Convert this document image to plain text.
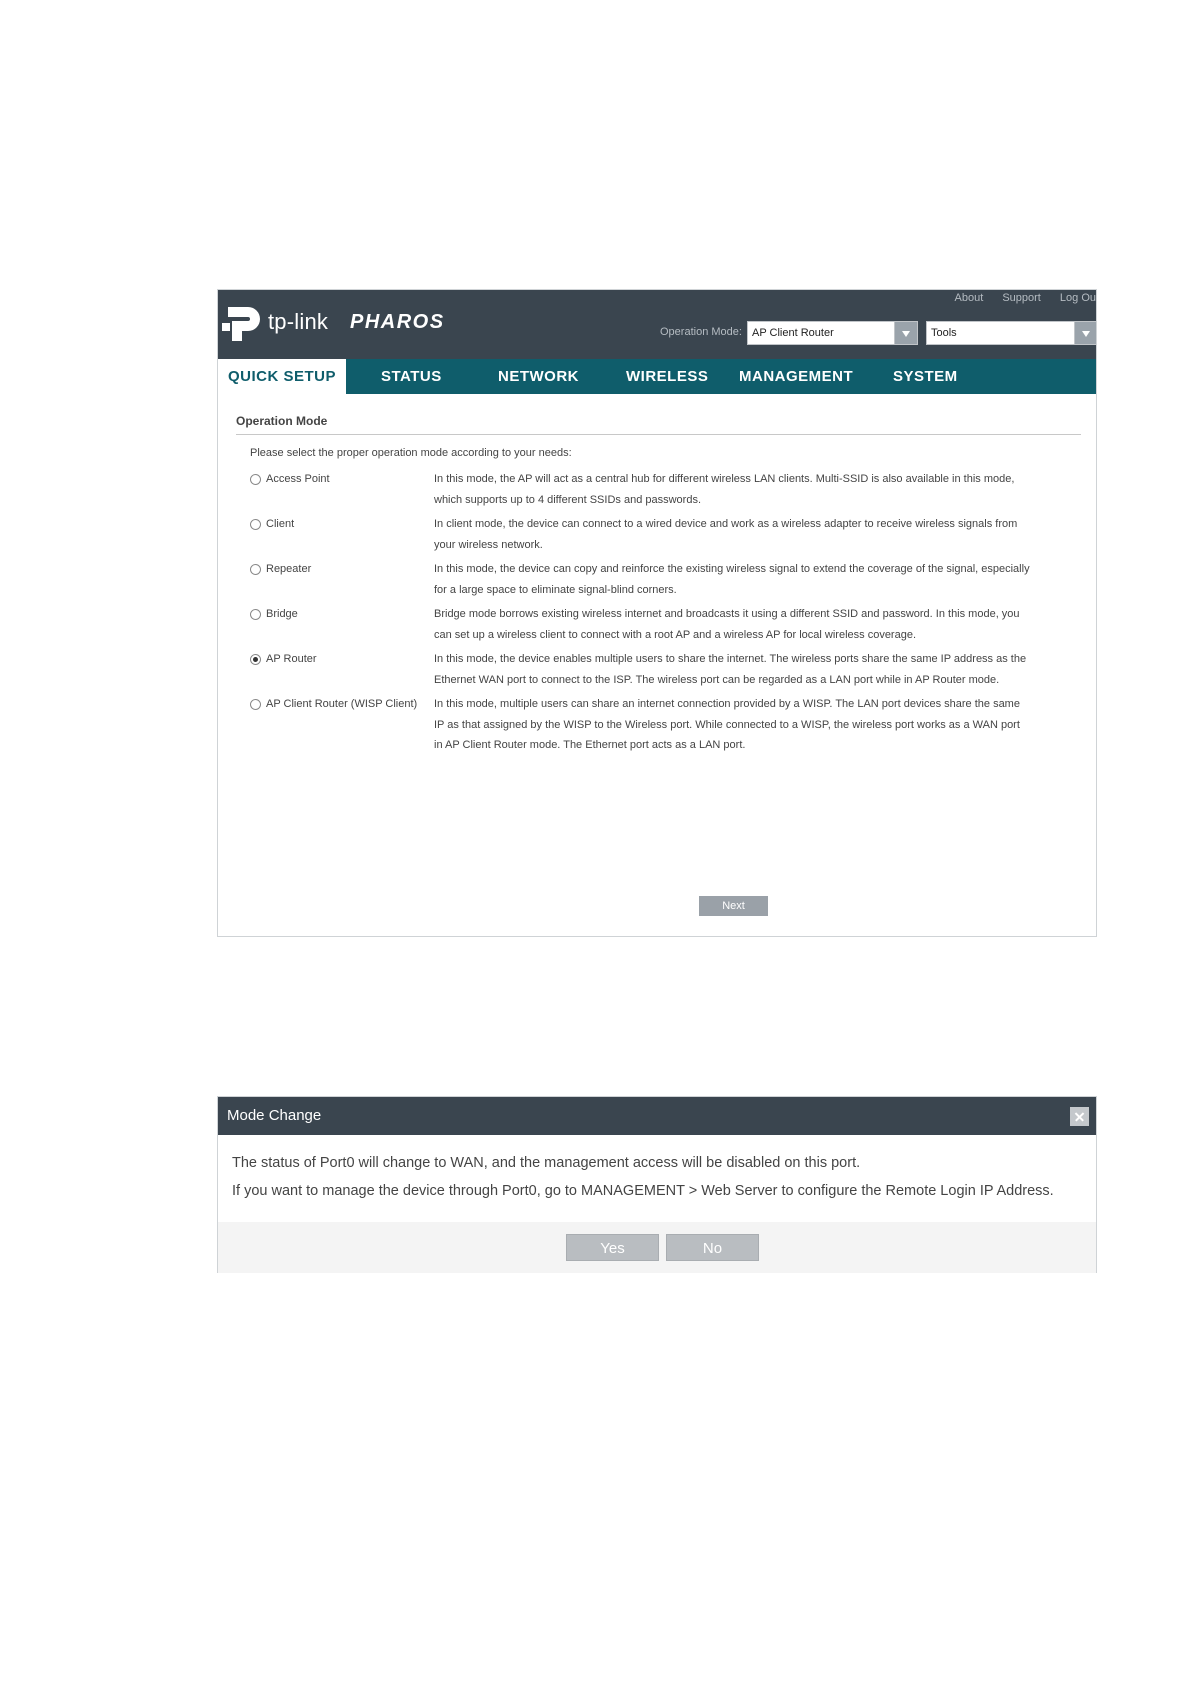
tp-link PHAROS
About Support Log Ou
Operation Mode: AP Client Router	Tools
QUICK SETUP	STATUS	NETWORK	WIRELESS MANAGEMENT	SYSTEM
Operation Mode
Please select the proper operation mode according to your needs:
Access Point	In this mode, the AP will act as a central hub for different wireless LAN clients. Multi-SSID is also available in this mode,
which supports up to 4 different SSIDs and passwords.
Client	In client mode, the device can connect to a wired device and work as a wireless adapter to receive wireless signals from
your wireless network.
Repeater	In this mode, the device can copy and reinforce the existing wireless signal to extend the coverage of the signal, especially
for a large space to eliminate signal-blind corners.
Bridge	Bridge mode borrows existing wireless internet and broadcasts it using a different SSID and password. In this mode, you
can set up a wireless client to connect with a root AP and a wireless AP for local wireless coverage.
AP Router	In this mode, the device enables multiple users to share the internet. The wireless ports share the same IP address as the
Ethernet WAN port to connect to the ISP. The wireless port can be regarded as a LAN port while in AP Router mode.
AP Client Router (WISP Client) In this mode, multiple users can share an internet connection provided by a WISP. The LAN port devices share the same
IP as that assigned by the WISP to the Wireless port. While connected to a WISP, the wireless port works as a WAN port
in AP Client Router mode. The Ethernet port acts as a LAN port.
Next
Mode Change
The status of Port0 will change to WAN, and the management access will be disabled on this port.
If you want to manage the device through Port0, go to MANAGEMENT > Web Server to configure the Remote Login IP Address.
Yes	No
